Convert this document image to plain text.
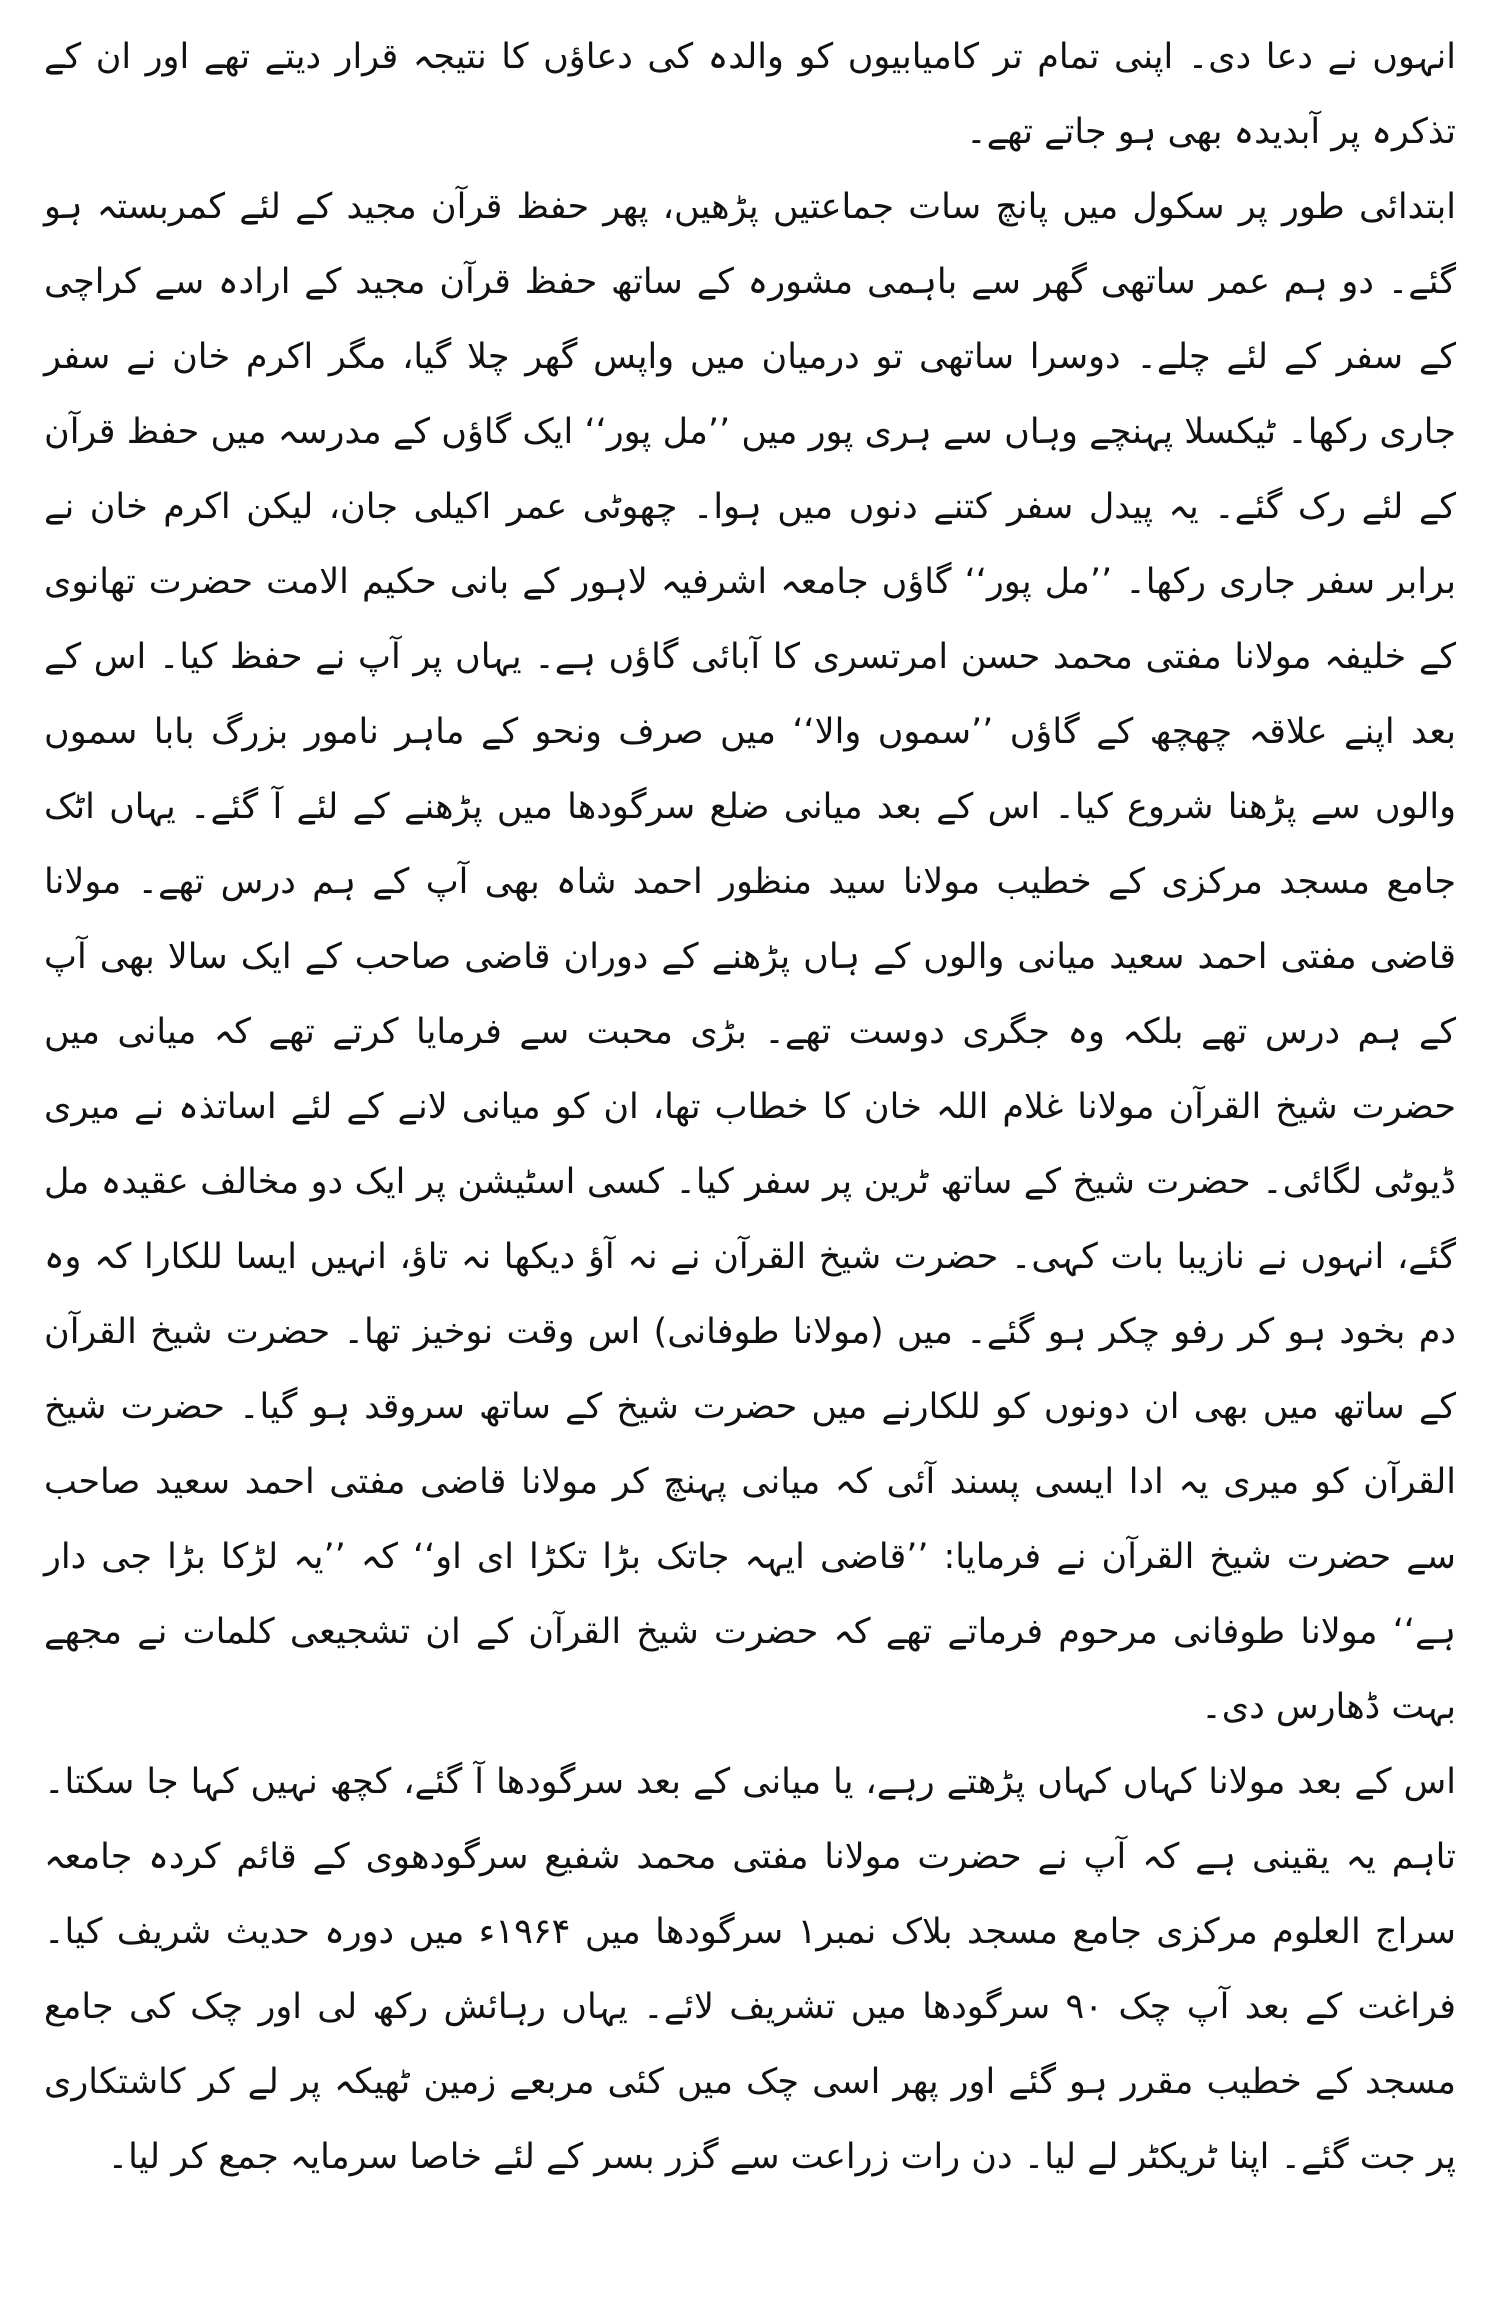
انہوں نے دعا دی۔ اپنی تمام تر کامیابیوں کو والدہ کی دعاؤں کا نتیجہ قرار دیتے تھے اور ان کے تذکرہ پر آبدیدہ بھی ہو جاتے تھے۔

ابتدائی طور پر سکول میں پانچ سات جماعتیں پڑھیں، پھر حفظ قرآن مجید کے لئے کمربستہ ہو گئے۔ دو ہم عمر ساتھی گھر سے باہمی مشورہ کے ساتھ حفظ قرآن مجید کے ارادہ سے کراچی کے سفر کے لئے چلے۔ دوسرا ساتھی تو درمیان میں واپس گھر چلا گیا، مگر اکرم خان نے سفر جاری رکھا۔ ٹیکسلا پہنچے وہاں سے ہری پور میں ’’مل پور‘‘ ایک گاؤں کے مدرسہ میں حفظ قرآن کے لئے رک گئے۔ یہ پیدل سفر کتنے دنوں میں ہوا۔ چھوٹی عمر اکیلی جان، لیکن اکرم خان نے برابر سفر جاری رکھا۔ ’’مل پور‘‘ گاؤں جامعہ اشرفیہ لاہور کے بانی حکیم الامت حضرت تھانوی کے خلیفہ مولانا مفتی محمد حسن امرتسری کا آبائی گاؤں ہے۔ یہاں پر آپ نے حفظ کیا۔ اس کے بعد اپنے علاقہ چھچھ کے گاؤں ’’سموں والا‘‘ میں صرف ونحو کے ماہر نامور بزرگ بابا سموں والوں سے پڑھنا شروع کیا۔ اس کے بعد میانی ضلع سرگودھا میں پڑھنے کے لئے آ گئے۔ یہاں اٹک جامع مسجد مرکزی کے خطیب مولانا سید منظور احمد شاہ بھی آپ کے ہم درس تھے۔ مولانا قاضی مفتی احمد سعید میانی والوں کے ہاں پڑھنے کے دوران قاضی صاحب کے ایک سالا بھی آپ کے ہم درس تھے بلکہ وہ جگری دوست تھے۔ بڑی محبت سے فرمایا کرتے تھے کہ میانی میں حضرت شیخ القرآن مولانا غلام اللہ خان کا خطاب تھا، ان کو میانی لانے کے لئے اساتذہ نے میری ڈیوٹی لگائی۔ حضرت شیخ کے ساتھ ٹرین پر سفر کیا۔ کسی اسٹیشن پر ایک دو مخالف عقیدہ مل گئے، انہوں نے نازیبا بات کہی۔ حضرت شیخ القرآن نے نہ آؤ دیکھا نہ تاؤ، انہیں ایسا للکارا کہ وہ دم بخود ہو کر رفو چکر ہو گئے۔ میں (مولانا طوفانی) اس وقت نوخیز تھا۔ حضرت شیخ القرآن کے ساتھ میں بھی ان دونوں کو للکارنے میں حضرت شیخ کے ساتھ سروقد ہو گیا۔ حضرت شیخ القرآن کو میری یہ ادا ایسی پسند آئی کہ میانی پہنچ کر مولانا قاضی مفتی احمد سعید صاحب سے حضرت شیخ القرآن نے فرمایا: ’’قاضی ایہہ جاتک بڑا تکڑا ای او‘‘ کہ ’’یہ لڑکا بڑا جی دار ہے‘‘ مولانا طوفانی مرحوم فرماتے تھے کہ حضرت شیخ القرآن کے ان تشجیعی کلمات نے مجھے بہت ڈھارس دی۔

اس کے بعد مولانا کہاں کہاں پڑھتے رہے، یا میانی کے بعد سرگودھا آ گئے، کچھ نہیں کہا جا سکتا۔ تاہم یہ یقینی ہے کہ آپ نے حضرت مولانا مفتی محمد شفیع سرگودھوی کے قائم کردہ جامعہ سراج العلوم مرکزی جامع مسجد بلاک نمبر۱ سرگودھا میں ۱۹۶۴ء میں دورہ حدیث شریف کیا۔ فراغت کے بعد آپ چک ۹۰ سرگودھا میں تشریف لائے۔ یہاں رہائش رکھ لی اور چک کی جامع مسجد کے خطیب مقرر ہو گئے اور پھر اسی چک میں کئی مربعے زمین ٹھیکہ پر لے کر کاشتکاری پر جت گئے۔ اپنا ٹریکٹر لے لیا۔ دن رات زراعت سے گزر بسر کے لئے خاصا سرمایہ جمع کر لیا۔
